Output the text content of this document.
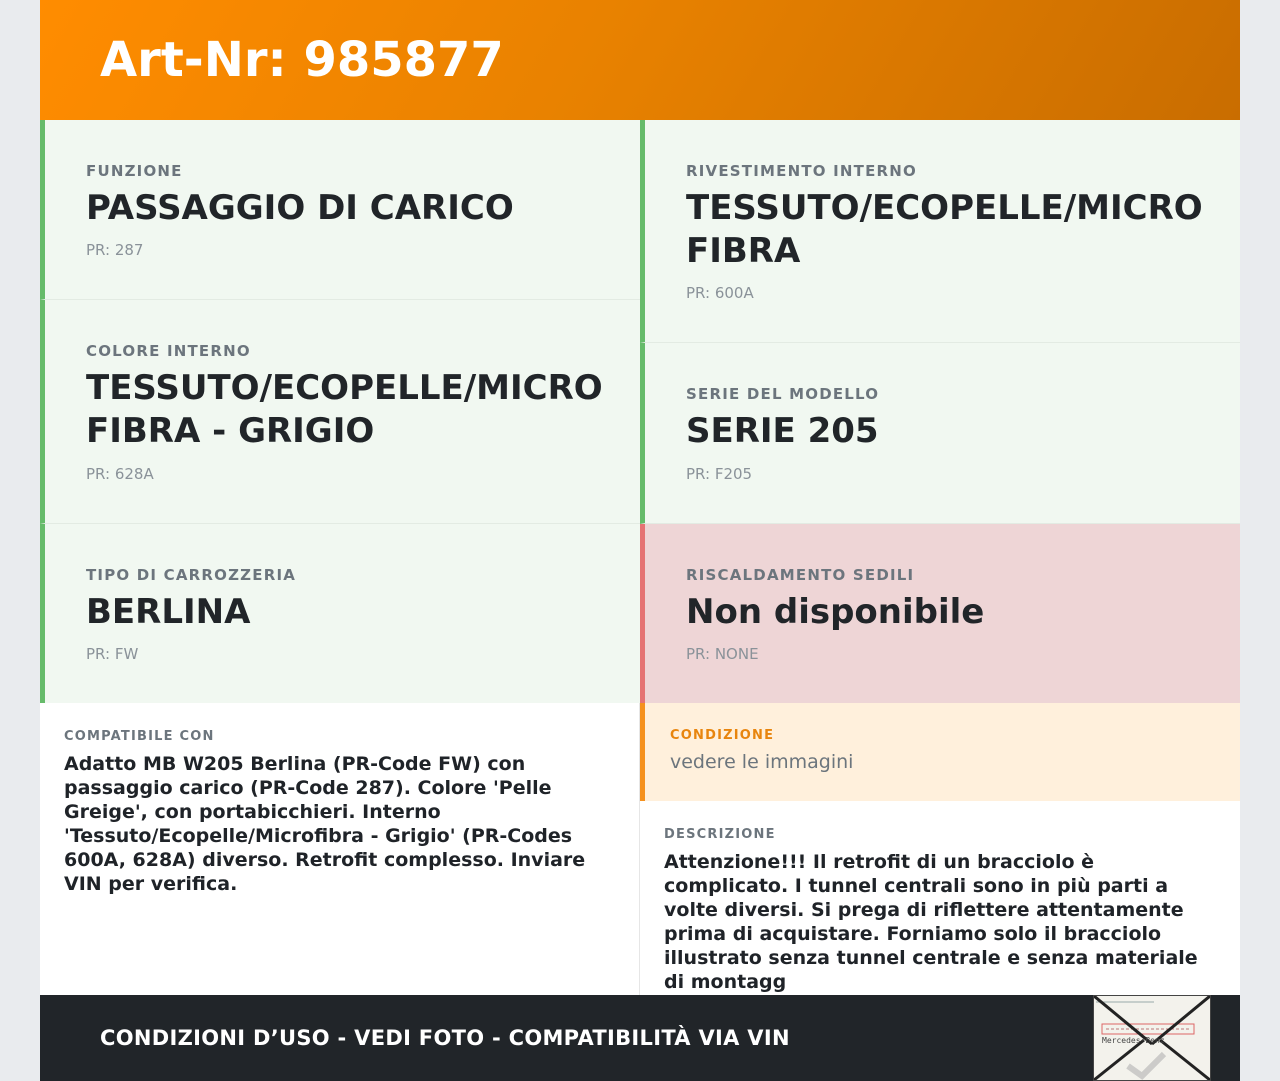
Art-Nr: 985877
FUNZIONE
PASSAGGIO DI CARICO
PR: 287
COLORE INTERNO
TESSUTO/ECOPELLE/MICRO FIBRA - GRIGIO
PR: 628A
TIPO DI CARROZZERIA
BERLINA
PR: FW
RIVESTIMENTO INTERNO
TESSUTO/ECOPELLE/MICRO FIBRA
PR: 600A
SERIE DEL MODELLO
SERIE 205
PR: F205
RISCALDAMENTO SEDILI
Non disponibile
PR: NONE
COMPATIBILE CON
Adatto MB W205 Berlina (PR-Code FW) con passaggio carico (PR-Code 287). Colore 'Pelle Greige', con portabicchieri. Interno 'Tessuto/Ecopelle/Microfibra - Grigio' (PR-Codes 600A, 628A) diverso. Retrofit complesso. Inviare VIN per verifica.
CONDIZIONE
vedere le immagini
DESCRIZIONE
Attenzione!!! Il retrofit di un bracciolo è complicato. I tunnel centrali sono in più parti a volte diversi. Si prega di riflettere attentamente prima di acquistare. Forniamo solo il bracciolo illustrato senza tunnel centrale e senza materiale di montagg
CONDIZIONI D’USO - VEDI FOTO - COMPATIBILITÀ VIA VIN	Mercedes-Benz
